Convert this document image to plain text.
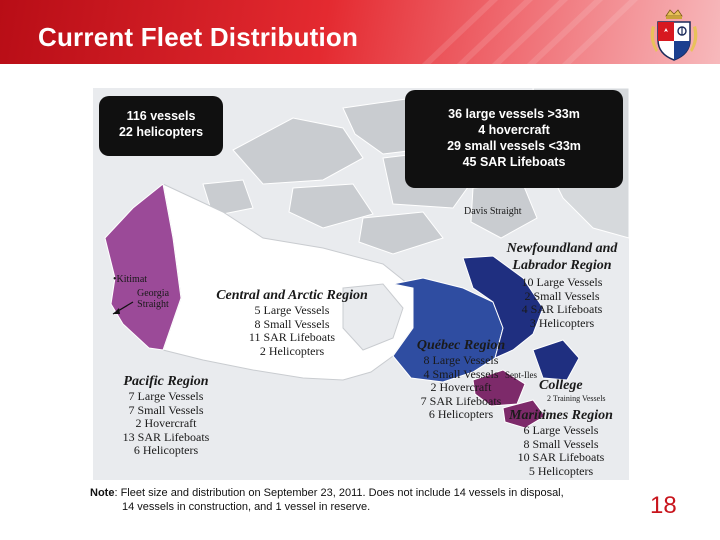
Current Fleet Distribution
116 vessels
22 helicopters
36 large vessels >33m
4 hovercraft
29 small vessels <33m
45 SAR Lifeboats
Davis Straight
•Kitimat
Georgia
Straight
Sept-Iles
College
2 Training Vessels
Pacific Region
7 Large Vessels
7 Small Vessels
2 Hovercraft
13 SAR Lifeboats
6 Helicopters
Central and Arctic Region
5 Large Vessels
8 Small Vessels
11 SAR Lifeboats
2 Helicopters	Québec Region
8 Large Vessels
4 Small Vessels
2 Hovercraft
7 SAR Lifeboats
6 Helicopters
Newfoundland and
Labrador Region
10 Large Vessels
2 Small Vessels
4 SAR Lifeboats
3 Helicopters
Maritimes Region
6 Large Vessels
8 Small Vessels
10 SAR Lifeboats
5 Helicopters
Note: Fleet size and distribution on September 23, 2011. Does not include 14 vessels in disposal,
14 vessels in construction, and 1 vessel in reserve.	18
